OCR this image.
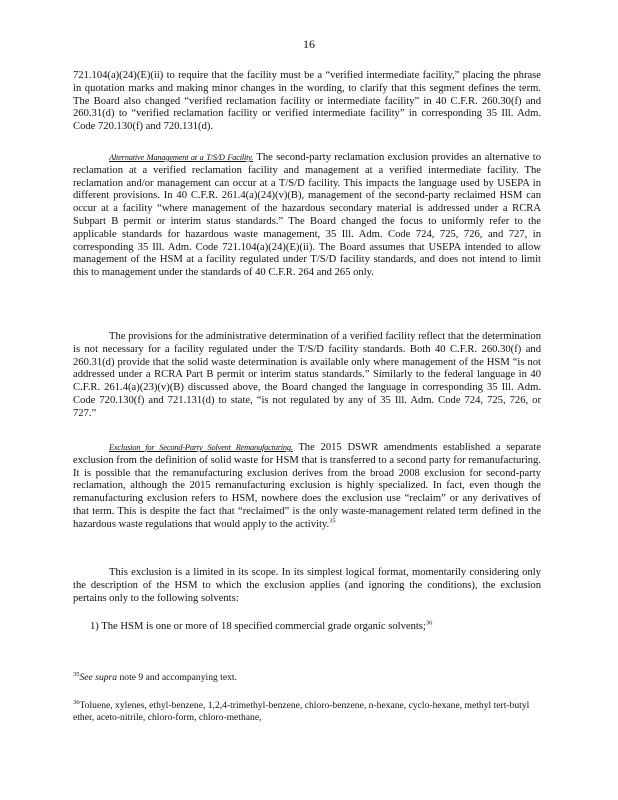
16

721.104(a)(24)(E)(ii) to require that the facility must be a “verified intermediate facility,” placing the phrase in quotation marks and making minor changes in the wording, to clarify that this segment defines the term. The Board also changed “verified reclamation facility or intermediate facility” in 40 C.F.R. 260.30(f) and 260.31(d) to “verified reclamation facility or verified intermediate facility” in corresponding 35 Ill. Adm. Code 720.130(f) and 720.131(d).

Alternative Management at a T/S/D Facility. The second-party reclamation exclusion provides an alternative to reclamation at a verified reclamation facility and management at a verified intermediate facility. The reclamation and/or management can occur at a T/S/D facility. This impacts the language used by USEPA in different provisions. In 40 C.F.R. 261.4(a)(24)(v)(B), management of the second-party reclaimed HSM can occur at a facility “where management of the hazardous secondary material is addressed under a RCRA Subpart B permit or interim status standards.” The Board changed the focus to uniformly refer to the applicable standards for hazardous waste management, 35 Ill. Adm. Code 724, 725, 726, and 727, in corresponding 35 Ill. Adm. Code 721.104(a)(24)(E)(ii). The Board assumes that USEPA intended to allow management of the HSM at a facility regulated under T/S/D facility standards, and does not intend to limit this to management under the standards of 40 C.F.R. 264 and 265 only.

The provisions for the administrative determination of a verified facility reflect that the determination is not necessary for a facility regulated under the T/S/D facility standards. Both 40 C.F.R. 260.30(f) and 260.31(d) provide that the solid waste determination is available only where management of the HSM “is not addressed under a RCRA Part B permit or interim status standards.” Similarly to the federal language in 40 C.F.R. 261.4(a)(23)(v)(B) discussed above, the Board changed the language in corresponding 35 Ill. Adm. Code 720.130(f) and 721.131(d) to state, “is not regulated by any of 35 Ill. Adm. Code 724, 725, 726, or 727.”

Exclusion for Second-Party Solvent Remanufacturing. The 2015 DSWR amendments established a separate exclusion from the definition of solid waste for HSM that is transferred to a second party for remanufacturing. It is possible that the remanufacturing exclusion derives from the broad 2008 exclusion for second-party reclamation, although the 2015 remanufacturing exclusion is highly specialized. In fact, even though the remanufacturing exclusion refers to HSM, nowhere does the exclusion use “reclaim” or any derivatives of that term. This is despite the fact that “reclaimed” is the only waste-management related term defined in the hazardous waste regulations that would apply to the activity.$^{35}$

This exclusion is a limited in its scope. In its simplest logical format, momentarily considering only the description of the HSM to which the exclusion applies (and ignoring the conditions), the exclusion pertains only to the following solvents:

1) The HSM is one or more of 18 specified commercial grade organic solvents;$^{36}$

$^{35}$See supra note 9 and accompanying text.

$^{36}$Toluene, xylenes, ethyl-benzene, 1,2,4-trimethyl-benzene, chloro-benzene, n-hexane, cyclo-hexane, methyl tert-butyl ether, aceto-nitrile, chloro-form, chloro-methane,
